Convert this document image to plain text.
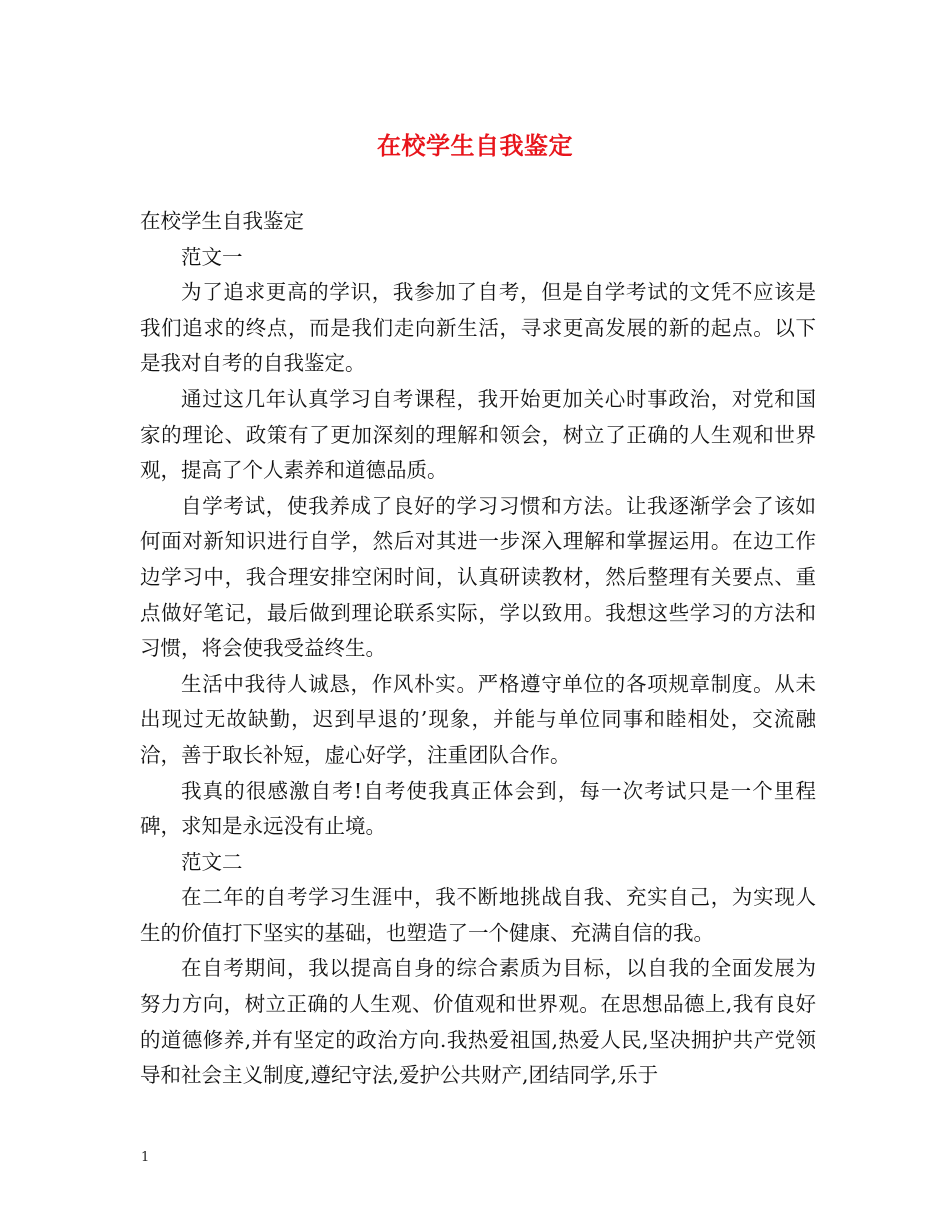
在校学生自我鉴定

在校学生自我鉴定

范文一

为了追求更高的学识，我参加了自考，但是自学考试的文凭不应该是我们追求的终点，而是我们走向新生活，寻求更高发展的新的起点。以下是我对自考的自我鉴定。

通过这几年认真学习自考课程，我开始更加关心时事政治，对党和国家的理论、政策有了更加深刻的理解和领会，树立了正确的人生观和世界观，提高了个人素养和道德品质。

自学考试，使我养成了良好的学习习惯和方法。让我逐渐学会了该如何面对新知识进行自学，然后对其进一步深入理解和掌握运用。在边工作边学习中，我合理安排空闲时间，认真研读教材，然后整理有关要点、重点做好笔记，最后做到理论联系实际，学以致用。我想这些学习的方法和习惯，将会使我受益终生。

生活中我待人诚恳，作风朴实。严格遵守单位的各项规章制度。从未出现过无故缺勤，迟到早退的’现象，并能与单位同事和睦相处，交流融洽，善于取长补短，虚心好学，注重团队合作。

我真的很感激自考!自考使我真正体会到，每一次考试只是一个里程碑，求知是永远没有止境。

范文二

在二年的自考学习生涯中，我不断地挑战自我、充实自己，为实现人生的价值打下坚实的基础，也塑造了一个健康、充满自信的我。

在自考期间，我以提高自身的综合素质为目标，以自我的全面发展为努力方向，树立正确的人生观、价值观和世界观。在思想品德上,我有良好的道德修养,并有坚定的政治方向.我热爱祖国,热爱人民,坚决拥护共产党领导和社会主义制度,遵纪守法,爱护公共财产,团结同学,乐于

1
